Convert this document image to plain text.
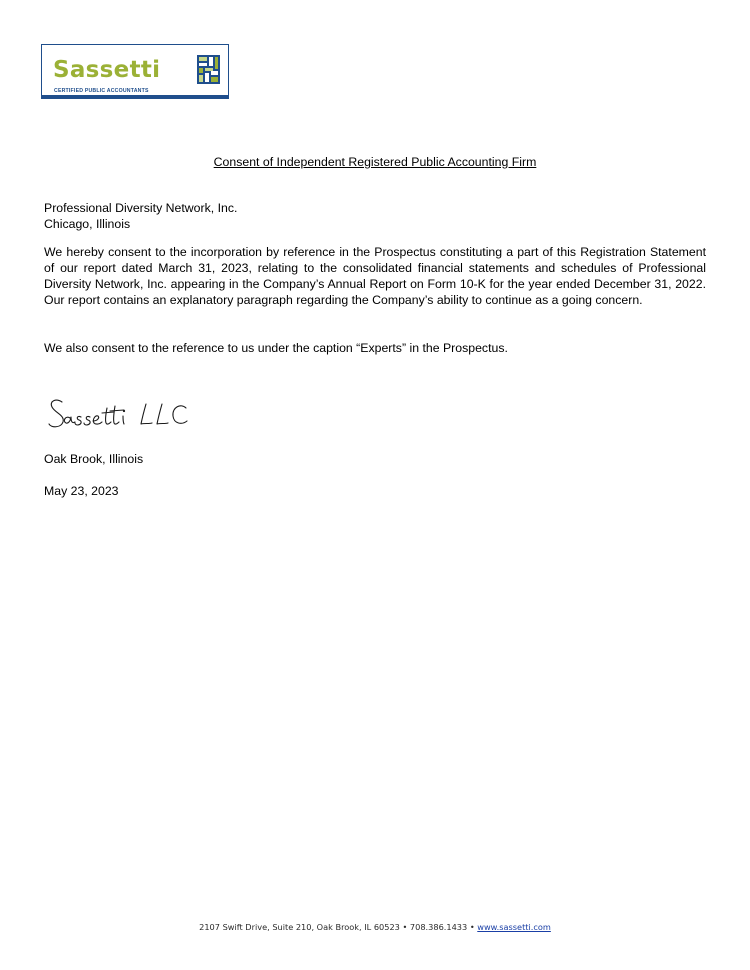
Sassetti
CERTIFIED PUBLIC ACCOUNTANTS
Consent of Independent Registered Public Accounting Firm
Professional Diversity Network, Inc.
Chicago, Illinois
We hereby consent to the incorporation by reference in the Prospectus constituting a part of this Registration Statement of our report dated March 31, 2023, relating to the consolidated financial statements and schedules of Professional Diversity Network, Inc. appearing in the Company’s Annual Report on Form 10-K for the year ended December 31, 2022. Our report contains an explanatory paragraph regarding the Company’s ability to continue as a going concern.
We also consent to the reference to us under the caption “Experts” in the Prospectus.
Oak Brook, Illinois
May 23, 2023
2107 Swift Drive, Suite 210, Oak Brook, IL 60523 • 708.386.1433 • www.sassetti.com
